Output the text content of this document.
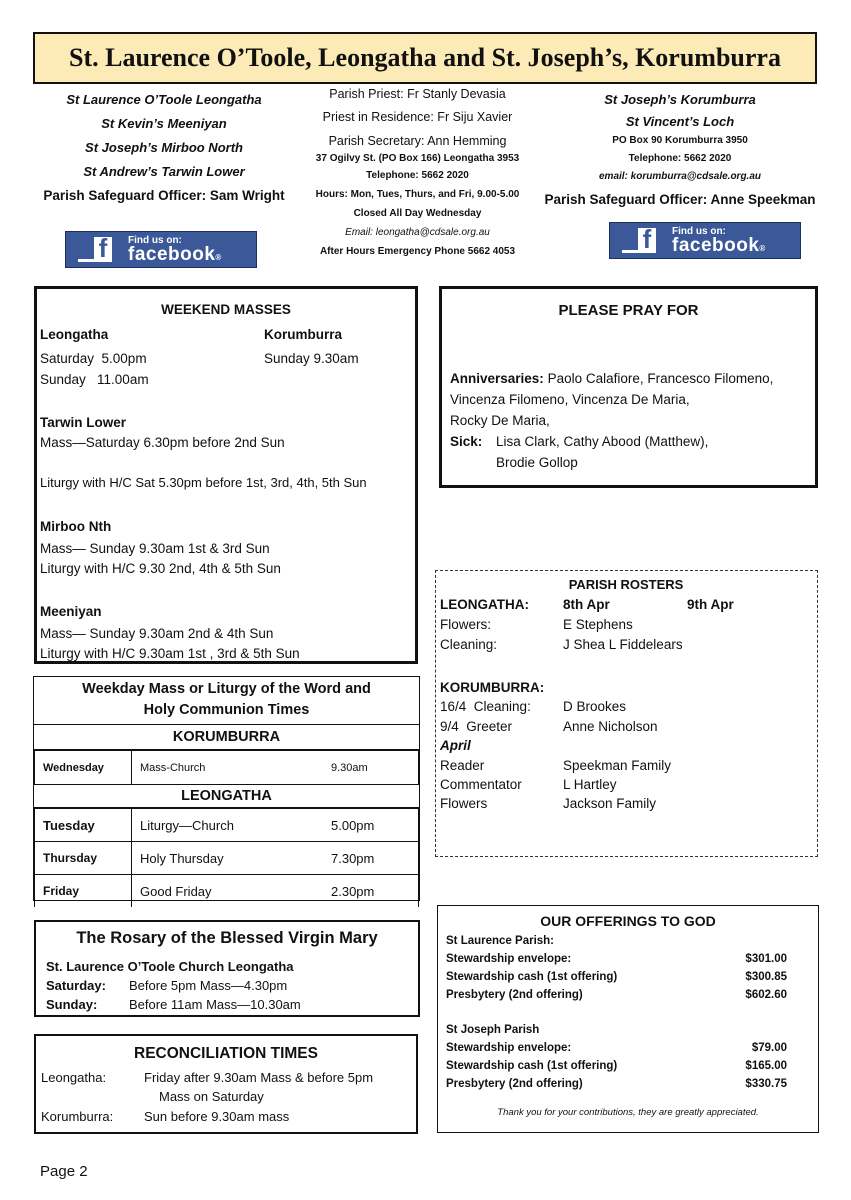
St. Laurence O’Toole, Leongatha and St. Joseph’s, Korumburra
St Laurence O’Toole Leongatha
St Kevin’s Meeniyan
St Joseph’s Mirboo North
St Andrew’s Tarwin Lower
Parish Safeguard Officer: Sam Wright
f	Find us on:
facebook®
Parish Priest: Fr Stanly Devasia
Priest in Residence: Fr Siju Xavier
Parish Secretary: Ann Hemming
37 Ogilvy St. (PO Box 166) Leongatha 3953
Telephone: 5662 2020
Hours: Mon, Tues, Thurs, and Fri, 9.00-5.00
Closed All Day Wednesday
Email: leongatha@cdsale.org.au
After Hours Emergency Phone 5662 4053
St Joseph’s Korumburra
St Vincent’s Loch
PO Box 90 Korumburra 3950
Telephone: 5662 2020
email: korumburra@cdsale.org.au
Parish Safeguard Officer: Anne Speekman
f	Find us on:
facebook®
WEEKEND MASSES
Leongatha	Korumburra
Saturday  5.00pm	Sunday 9.30am
Sunday   11.00am
Tarwin Lower
Mass—Saturday 6.30pm before 2nd Sun
Liturgy with H/C Sat 5.30pm before 1st, 3rd, 4th, 5th Sun
Mirboo Nth
Mass— Sunday 9.30am 1st & 3rd Sun
Liturgy with H/C 9.30 2nd, 4th & 5th Sun
Meeniyan
Mass— Sunday 9.30am 2nd & 4th Sun
Liturgy with H/C 9.30am 1st , 3rd & 5th Sun
PLEASE PRAY FOR
Anniversaries: Paolo Calafiore, Francesco Filomeno,
Vincenza Filomeno, Vincenza De Maria,
Rocky De Maria,
Sick: Lisa Clark, Cathy Abood (Matthew),
Brodie Gollop
Weekday Mass or Liturgy of the Word and
Holy Communion Times
KORUMBURRA
Wednesday	Mass-Church	9.30am
LEONGATHA
Tuesday	Liturgy—Church	5.00pm
Thursday	Holy Thursday	7.30pm
Friday	Good Friday	2.30pm
PARISH ROSTERS
LEONGATHA:	8th Apr	9th Apr
Flowers:	E Stephens
Cleaning:	J Shea L Fiddelears
KORUMBURRA:
16/4  Cleaning: D Brookes
9/4  Greeter	Anne Nicholson
April
Reader	Speekman Family
Commentator	L Hartley
Flowers	Jackson Family
The Rosary of the Blessed Virgin Mary
St. Laurence O’Toole Church Leongatha
Saturday: Before 5pm Mass—4.30pm
Sunday: Before 11am Mass—10.30am
RECONCILIATION TIMES
Leongatha:	Friday after 9.30am Mass & before 5pm
Mass on Saturday
Korumburra: Sun before 9.30am mass
OUR OFFERINGS TO GOD
St Laurence Parish:
Stewardship envelope:	$301.00
Stewardship cash (1st offering)	$300.85
Presbytery (2nd offering)	$602.60
St Joseph Parish
Stewardship envelope:	$79.00
Stewardship cash (1st offering)	$165.00
Presbytery (2nd offering)	$330.75
Thank you for your contributions, they are greatly appreciated.
Page 2
